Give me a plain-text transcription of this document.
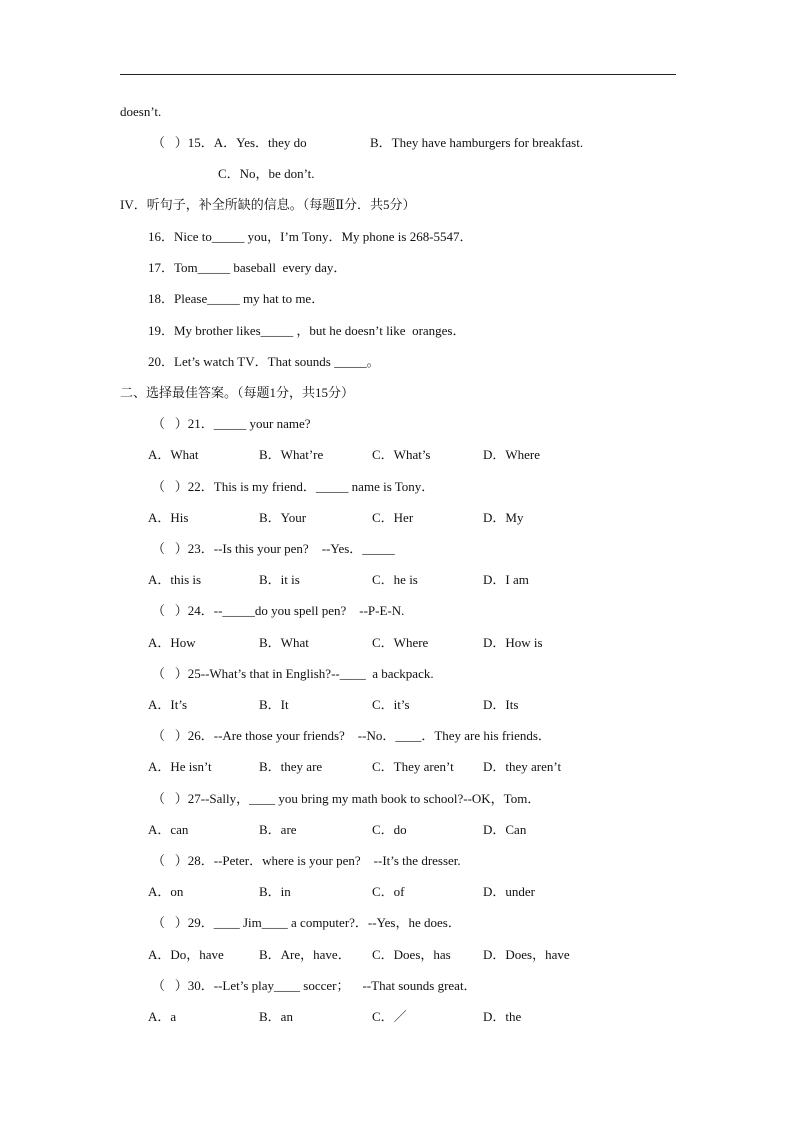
doesn’t.
（   ）15．A．Yes．they do	B．They have hamburgers for breakfast.
C．No，be don’t.
IV．听句子，补全所缺的信息。（每题Ⅱ分．共5分）
16．Nice to_____ you，I’m Tony．My phone is 268-5547．
17．Tom_____ baseball  every day．
18．Please_____ my hat to me．
19．My brother likes_____ ，but he doesn’t like  oranges．
20．Let’s watch TV．That sounds _____。
二、选择最佳答案。（每题1分，共15分）
（   ）21．_____ your name?
A．What	B．What’re	C．What’s	D．Where
（   ）22．This is my friend．_____ name is Tony．
A．His	B．Your	C．Her	D．My
（   ）23．--Is this your pen?    --Yes．_____
A．this is	B．it is	C．he is	D．I am
（   ）24．--_____do you spell pen?    --P-E-N.
A．How	B．What	C．Where	D．How is
（   ）25--What’s that in English?--____  a backpack.
A．It’s	B．It	C．it’s	D．Its
（   ）26．--Are those your friends?    --No．____．They are his friends．
A．He isn’t	B．they are	C．They aren’t D．they aren’t
（   ）27--Sally，____ you bring my math book to school?--OK，Tom．
A．can	B．are	C．do	D．Can
（   ）28．--Peter．where is your pen?    --It’s the dresser.
A．on	B．in	C．of	D．under
（   ）29．____ Jim____ a computer?．--Yes，he does．
A．Do，have	B．Are，have． C．Does，has D．Does，have
（   ）30．--Let’s play____ soccer；    --That sounds great．
A．a	B．an	C．／	D．the
